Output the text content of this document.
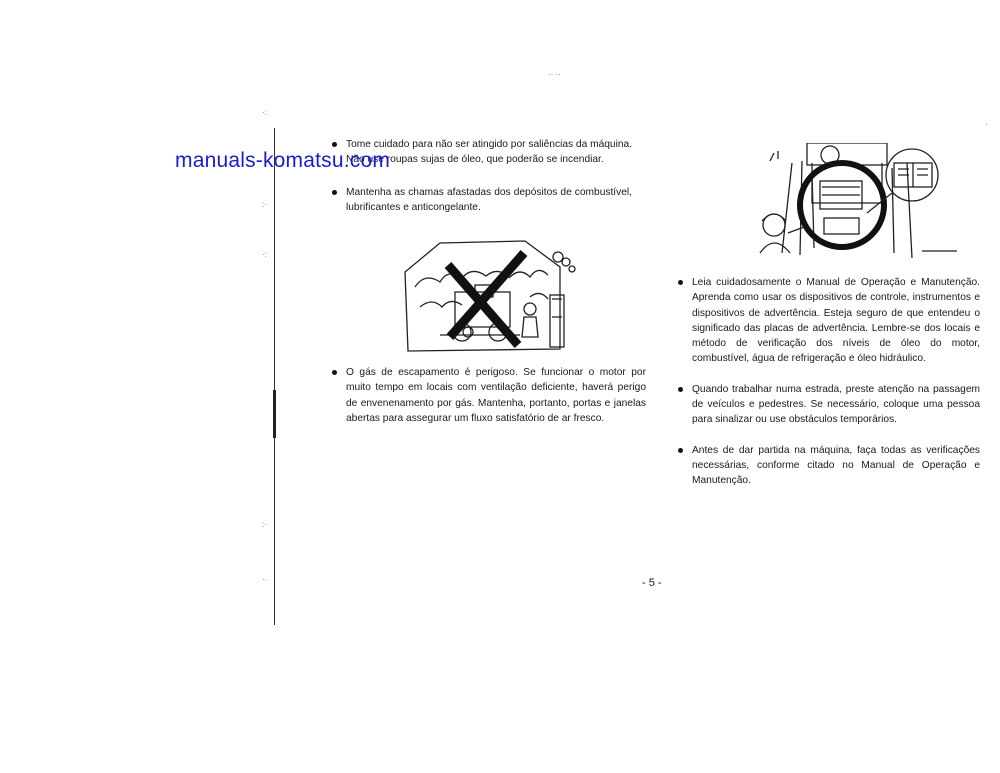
·:
:·
·:
:·
··
·
·· ··
Tome cuidado para não ser atingido por saliências da máquina. Não use roupas sujas de óleo, que poderão se incendiar.
Mantenha as chamas afastadas dos depósitos de combustível, lubrificantes e anticongelante.
O gás de escapamento é perigoso. Se funcionar o motor por muito tempo em locais com ventilação deficiente, haverá perigo de envenenamento por gás. Mantenha, portanto, portas e janelas abertas para assegurar um fluxo satisfatório de ar fresco.
Leia cuidadosamente o Manual de Operação e Manutenção. Aprenda como usar os dispositivos de controle, instrumentos e dispositivos de advertência. Esteja seguro de que entendeu o significado das placas de advertência. Lembre-se dos locais e método de verificação dos níveis de óleo do motor, combustível, água de refrigeração e óleo hidráulico.
Quando trabalhar numa estrada, preste atenção na passagem de veículos e pedestres. Se necessário, coloque uma pessoa para sinalizar ou use obstáculos temporários.
Antes de dar partida na máquina, faça todas as verificações necessárias, conforme citado no Manual de Operação e Manutenção.
- 5 -
manuals-komatsu.com
